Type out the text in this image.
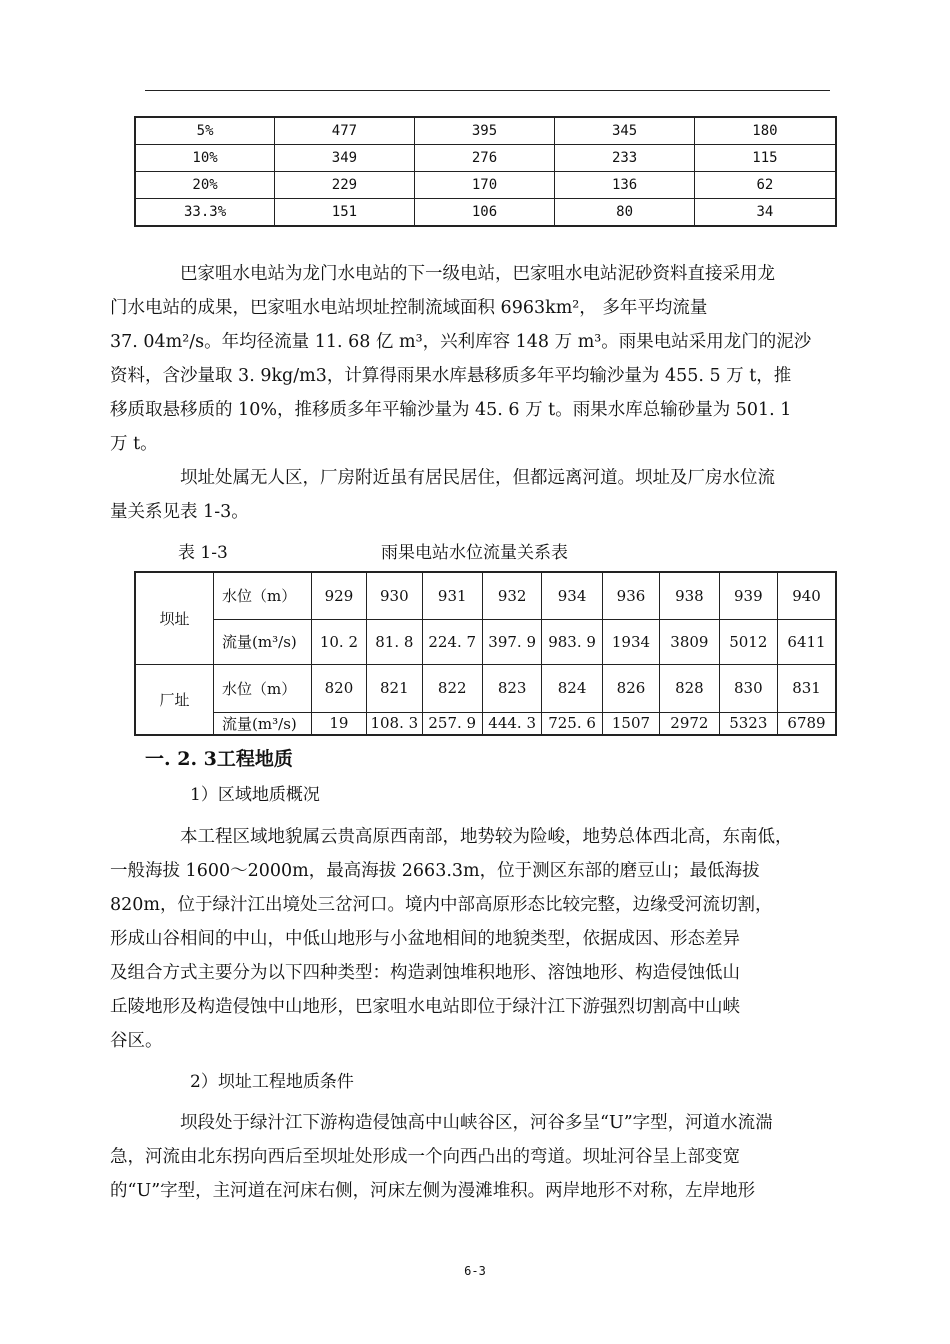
5%	477	395	345	180
10%	349	276	233	115
20%	229	170	136	62
33.3%	151	106	80	34
巴家咀水电站为龙门水电站的下一级电站，巴家咀水电站泥砂资料直接采用龙
门水电站的成果，巴家咀水电站坝址控制流域面积 6963km²， 多年平均流量
37. 04m²/s。年均径流量 11. 68 亿 m³，兴利库容 148 万 m³。雨果电站采用龙门的泥沙
资料，含沙量取 3. 9kg/m3，计算得雨果水库悬移质多年平均输沙量为 455. 5 万 t，推
移质取悬移质的 10%，推移质多年平输沙量为 45. 6 万 t。雨果水库总输砂量为 501. 1
万 t。
坝址处属无人区，厂房附近虽有居民居住，但都远离河道。坝址及厂房水位流
量关系见表 1-3。
表 1-3	雨果电站水位流量关系表
坝址	水位（m）	929	930	931	932	934	936	938	939	940
	流量(m³/s)	10. 2	81. 8	224. 7	397. 9	983. 9	1934	3809	5012	6411
厂址	水位（m）	820	821	822	823	824	826	828	830	831
	流量(m³/s)	19	108. 3	257. 9	444. 3	725. 6	1507	2972	5323	6789
一. 2. 3工程地质
1）区域地质概况
本工程区域地貌属云贵高原西南部，地势较为险峻，地势总体西北高，东南低，
一般海拔 1600～2000m，最高海拔 2663.3m，位于测区东部的磨豆山；最低海拔
820m，位于绿汁江出境处三岔河口。境内中部高原形态比较完整，边缘受河流切割，
形成山谷相间的中山，中低山地形与小盆地相间的地貌类型，依据成因、形态差异
及组合方式主要分为以下四种类型：构造剥蚀堆积地形、溶蚀地形、构造侵蚀低山
丘陵地形及构造侵蚀中山地形，巴家咀水电站即位于绿汁江下游强烈切割高中山峡
谷区。
2）坝址工程地质条件
坝段处于绿汁江下游构造侵蚀高中山峡谷区，河谷多呈“U”字型，河道水流湍
急，河流由北东拐向西后至坝址处形成一个向西凸出的弯道。坝址河谷呈上部变宽
的“U”字型，主河道在河床右侧，河床左侧为漫滩堆积。两岸地形不对称，左岸地形
6-3
